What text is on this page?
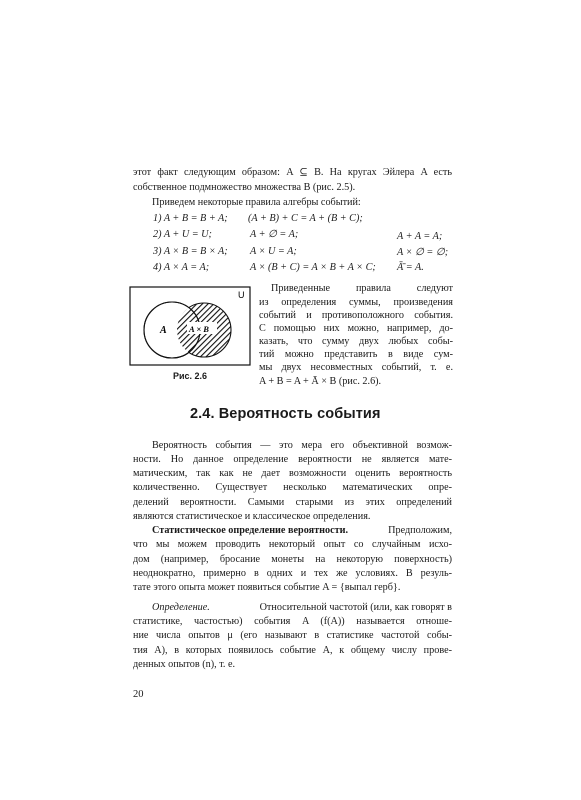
этот факт следующим образом: A ⊆ B. На кругах Эйлера A есть
собственное подмножество множества B (рис. 2.5).
Приведем некоторые правила алгебры событий:
1) A + B = B + A; (A + B) + C = A + (B + C);
2) A + U = U;	A + ∅ = A;	A + A = A;
3) A × B = B × A; A × U = A;	A × ∅ = ∅;
4) A × A = A;	A × (B + C) = A × B + A × C; Ā̄ = A.
U
A	A × B
Рис. 2.6
Приведенные правила следуют
из определения суммы, произведения
событий и противоположного события.
С помощью них можно, например, до-
казать, что сумму двух любых собы-
тий можно представить в виде сум-
мы двух несовместных событий, т. е.
A + B = A + Ā × B (рис. 2.6).
2.4. Вероятность события
Вероятность события — это мера его объективной возмож-
ности. Но данное определение вероятности не является мате-
матическим, так как не дает возможности оценить вероятность
количественно. Существует несколько математических опре-
делений вероятности. Самыми старыми из этих определений
являются статистическое и классическое определения.
Статистическое определение вероятности.	Предположим,
что мы можем проводить некоторый опыт со случайным исхо-
дом (например, бросание монеты на некоторую поверхность)
неоднократно, примерно в одних и тех же условиях. В резуль-
тате этого опыта может появиться событие A = {выпал герб}.
Определение.	Относительной частотой (или, как говорят в
статистике, частостью) события A (f(A)) называется отноше-
ние числа опытов μ (его называют в статистике частотой собы-
тия A), в которых появилось событие A, к общему числу прове-
денных опытов (n), т. е.
20
